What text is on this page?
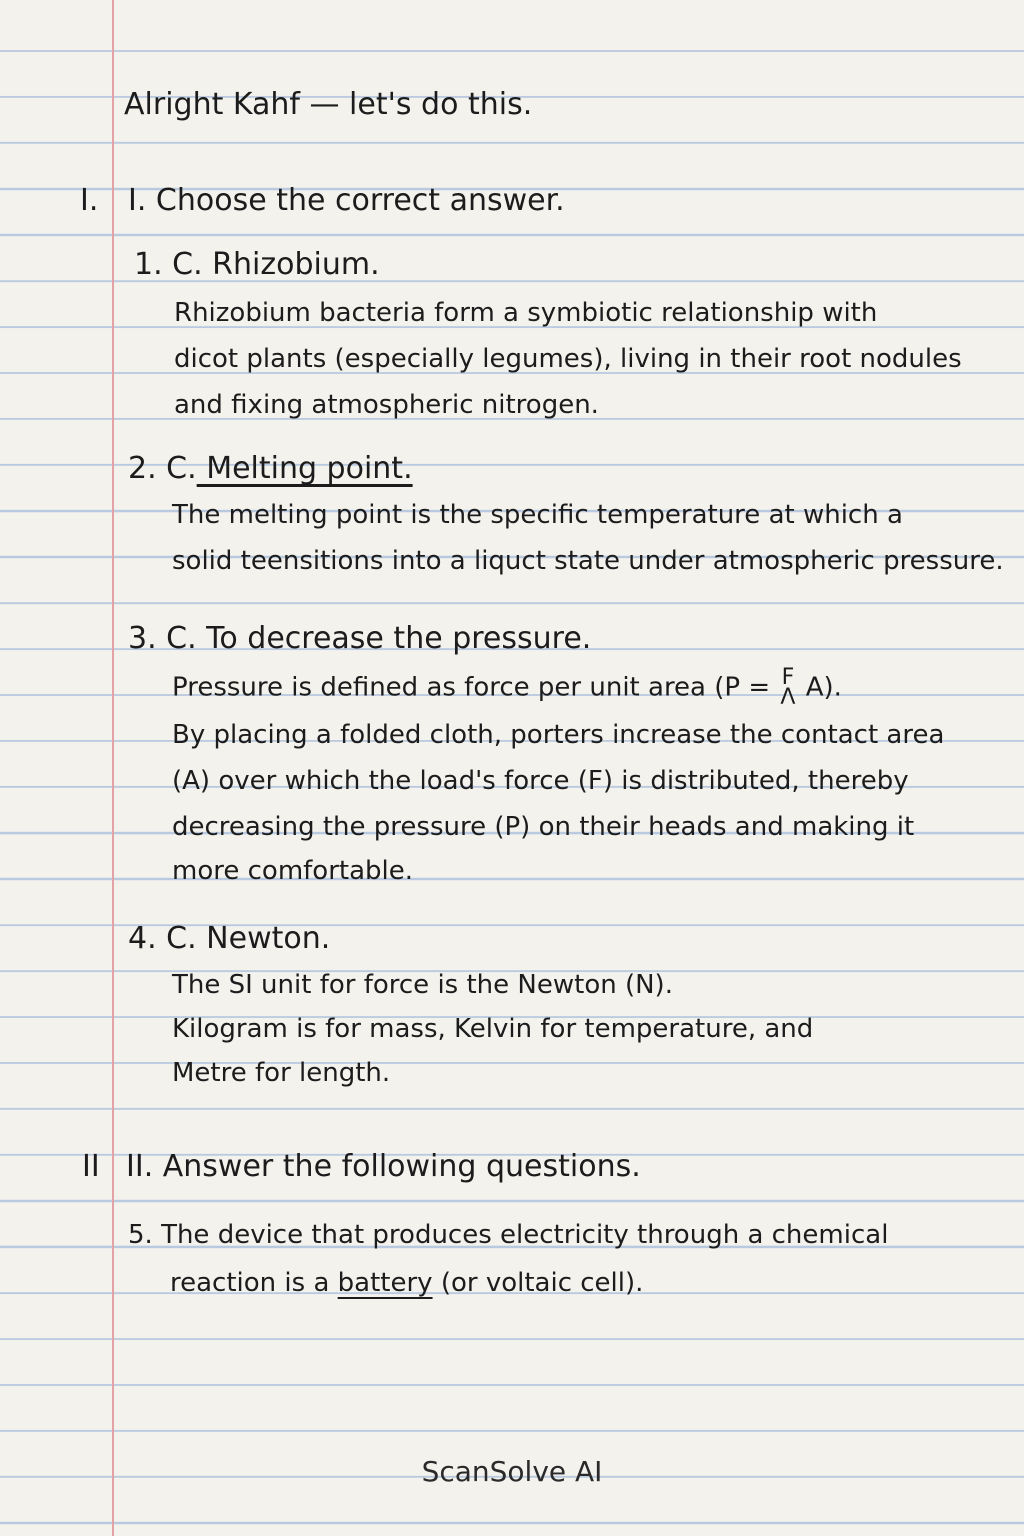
Alright Kahf — let's do this.
I. I. Choose the correct answer.
1. C. Rhizobium.
Rhizobium bacteria form a symbiotic relationship with
dicot plants (especially legumes), living in their root nodules
and fixing atmospheric nitrogen.
2. C. Melting point.
The melting point is the specific temperature at which a
solid teensitions into a liquct state under atmospheric pressure.
3. C. To decrease the pressure.
Pressure is defined as force per unit area (P = F
Λ A).
By placing a folded cloth, porters increase the contact area
(A) over which the load's force (F) is distributed, thereby
decreasing the pressure (P) on their heads and making it
more comfortable.
4. C. Newton.
The SI unit for force is the Newton (N).
Kilogram is for mass, Kelvin for temperature, and
Metre for length.
II II. Answer the following questions.
5. The device that produces electricity through a chemical
reaction is a battery (or voltaic cell).
ScanSolve AI
